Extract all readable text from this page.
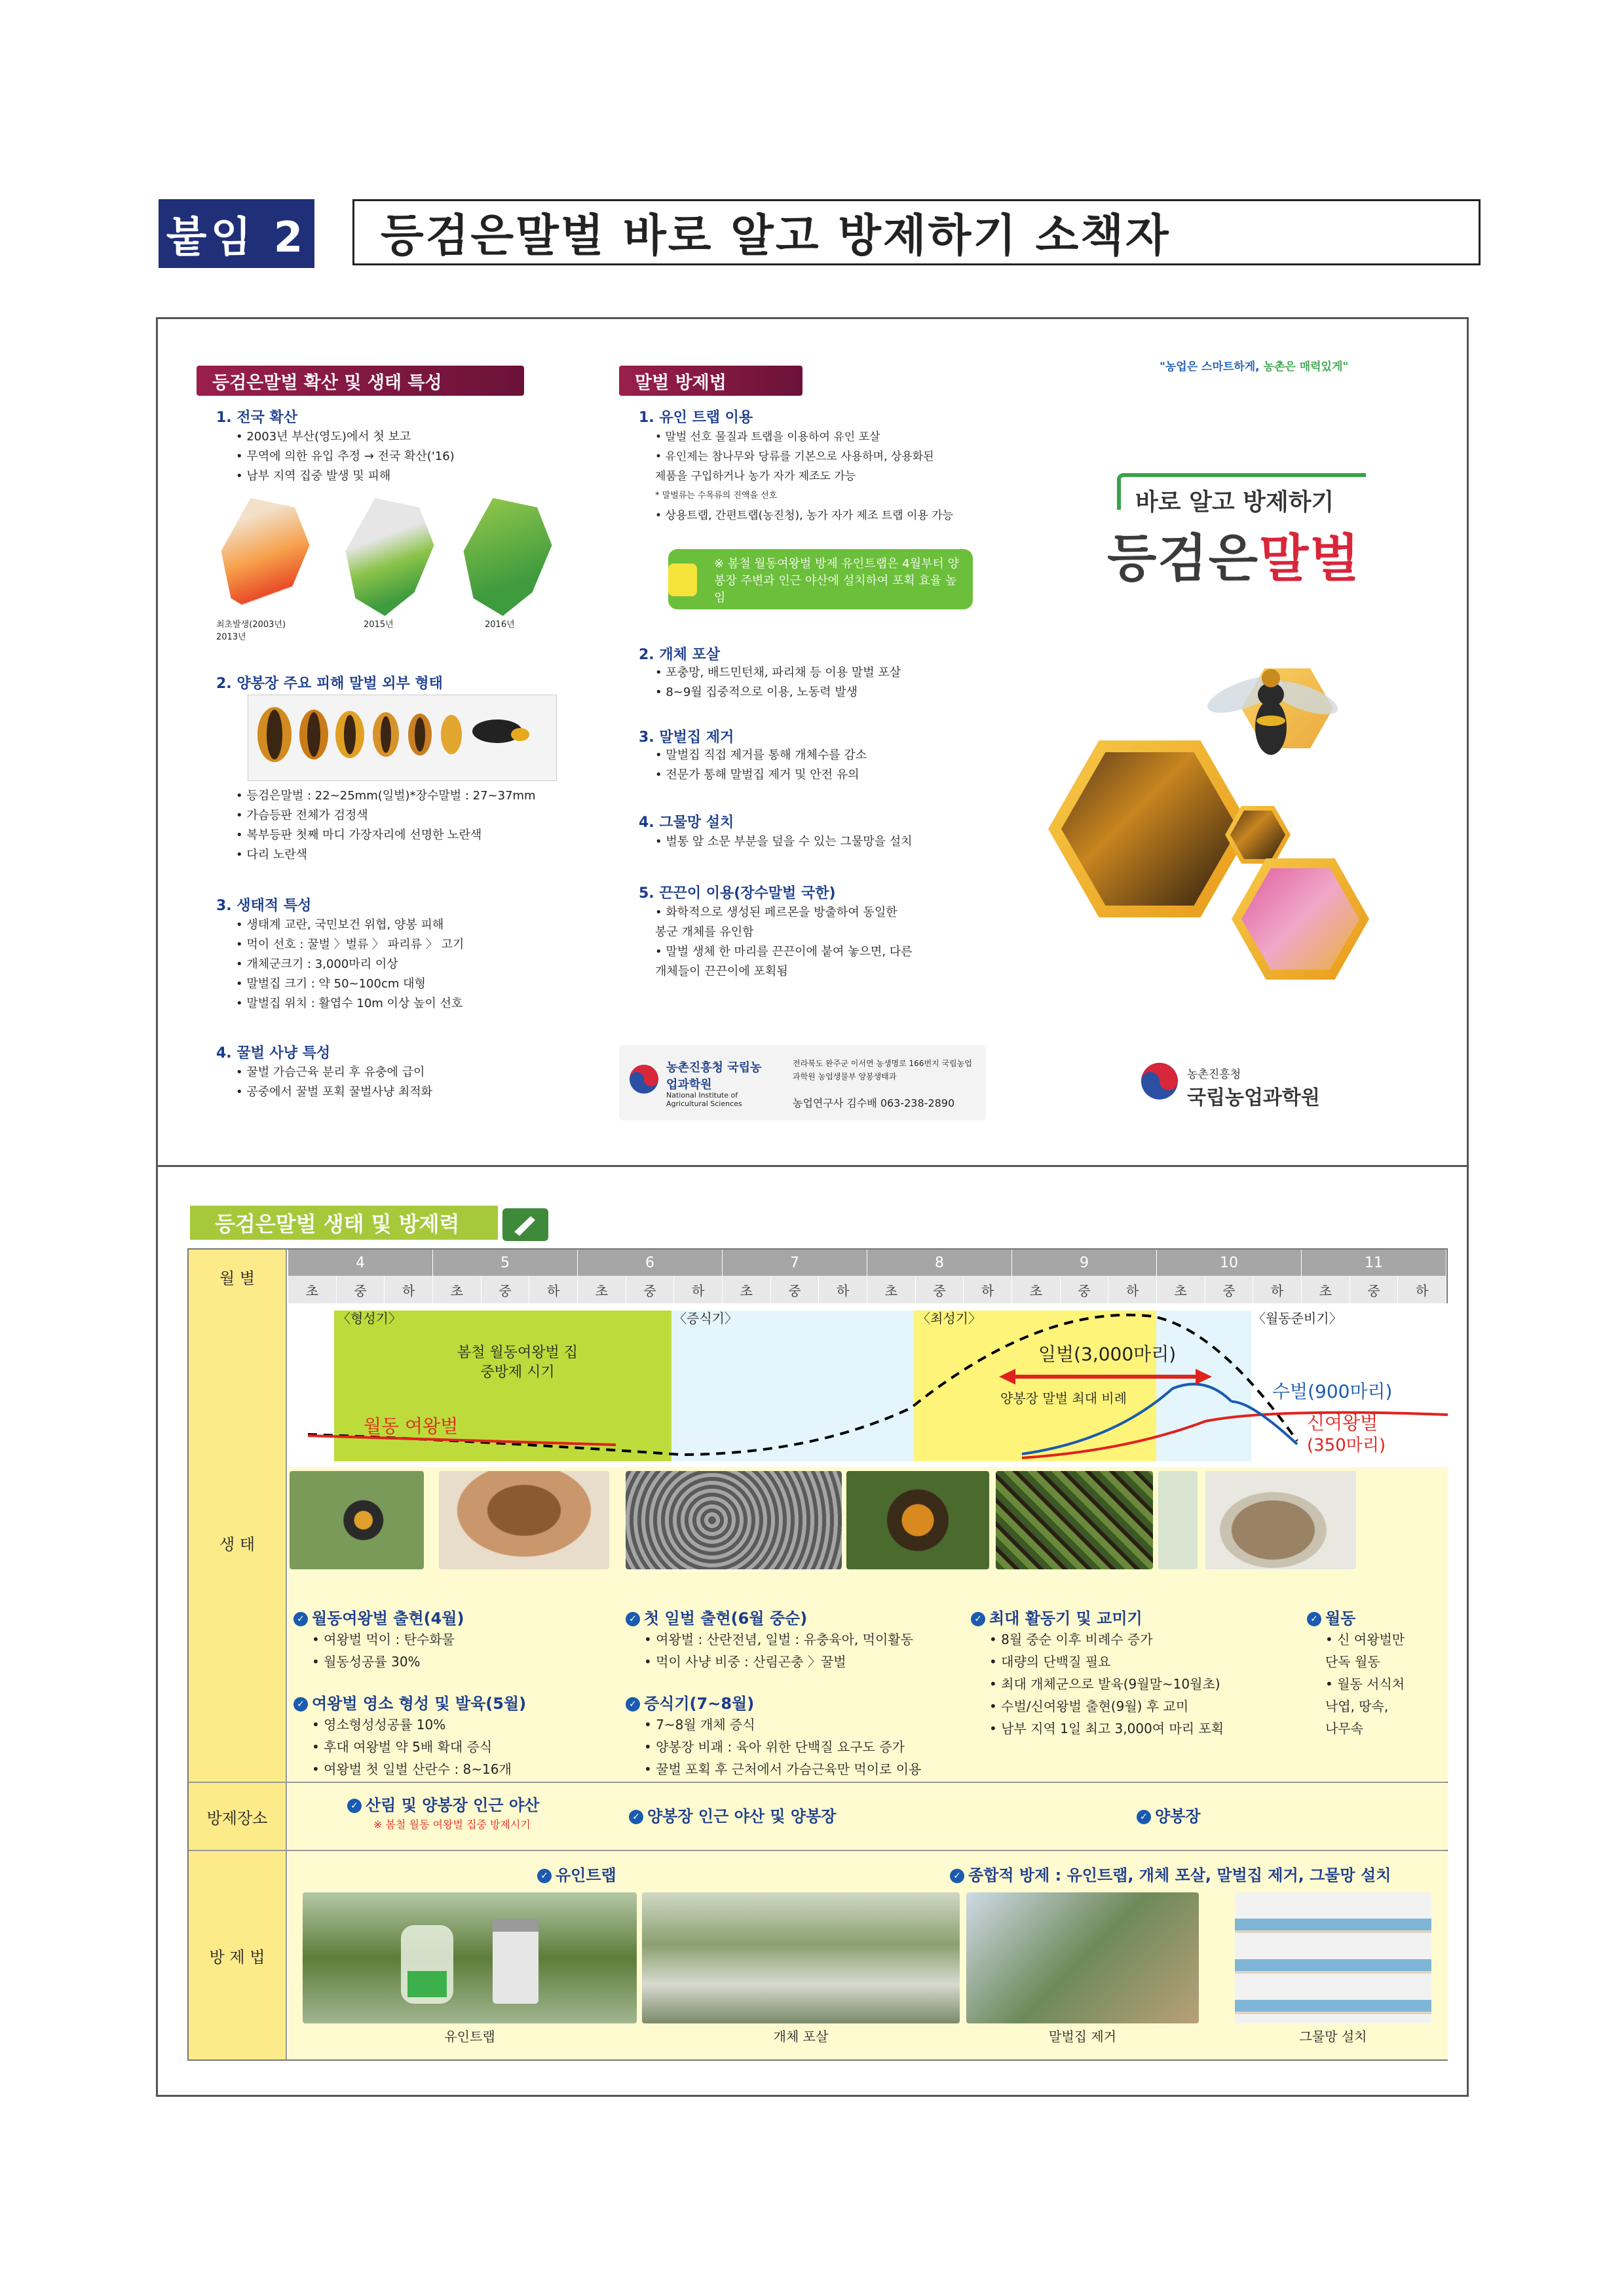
붙임 2	등검은말벌 바로 알고 방제하기 소책자
등검은말벌 확산 및 생태 특성
1. 전국 확산
• 2003년 부산(영도)에서 첫 보고
• 무역에 의한 유입 추정 → 전국 확산('16)
• 남부 지역 집중 발생 및 피해
최초발생(2003년) 2013년
2015년	2016년
2. 양봉장 주요 피해 말벌 외부 형태
• 등검은말벌 : 22~25mm(일벌)*장수말벌 : 27~37mm
• 가슴등판 전체가 검정색
• 복부등판 첫째 마디 가장자리에 선명한 노란색
• 다리 노란색
3. 생태적 특성
• 생태계 교란, 국민보건 위협, 양봉 피해
• 먹이 선호 : 꿀벌 〉벌류 〉 파리류 〉 고기
• 개체군크기 : 3,000마리 이상
• 말벌집 크기 : 약 50~100cm 대형
• 말벌집 위치 : 활엽수 10m 이상 높이 선호
4. 꿀벌 사냥 특성
• 꿀벌 가슴근육 분리 후 유충에 급이
• 공중에서 꿀벌 포획 꿀벌사냥 최적화
말벌 방제법
1. 유인 트랩 이용
• 말벌 선호 물질과 트랩을 이용하여 유인 포살
• 유인제는 참나무와 당류를 기본으로 사용하며, 상용화된
제품을 구입하거나 농가 자가 제조도 가능
* 말벌류는 수목류의 진액을 선호
• 상용트랩, 간편트랩(농진청), 농가 자가 제조 트랩 이용 가능
※ 봄철 월동여왕벌 방제 유인트랩은 4월부터 양봉장 주변과 인근 야산에 설치하여 포획 효율 높임
2. 개체 포살
• 포충망, 배드민턴채, 파리채 등 이용 말벌 포살
• 8~9월 집중적으로 이용, 노동력 발생
3. 말벌집 제거
• 말벌집 직접 제거를 통해 개체수를 감소
• 전문가 통해 말벌집 제거 및 안전 유의
4. 그물망 설치
• 벌통 앞 소문 부분을 덮을 수 있는 그물망을 설치
5. 끈끈이 이용(장수말벌 국한)
• 화학적으로 생성된 페르몬을 방출하여 동일한
봉군 개체를 유인함
• 말벌 생체 한 마리를 끈끈이에 붙여 놓으면, 다른
개체들이 끈끈이에 포획됨
농촌진흥청 국립농업과학원
National Institute of Agricultural Sciences
전라북도 완주군 이서면 농생명로 166번지 국립농업과학원 농업생물부 양봉생태과
농업연구사 김수배 063-238-2890
"농업은 스마트하게, 농촌은 매력있게"
바로 알고 방제하기
등검은말벌
농촌진흥청
국립농업과학원
등검은말벌 생태 및 방제력
월 별
4
초	중	하
5
초	중	하
6
초	중	하
7
초	중	하
8
초	중	하
9
초	중	하
10
초	중	하
11
초	중	하
〈형성기〉	〈증식기〉	〈최성기〉	〈월동준비기〉
봄철 월동여왕벌 집중방제 시기
월동 여왕벌
일벌(3,000마리)
양봉장 말벌 최대 비례	수벌(900마리)
신여왕벌
(350마리)
생 태
✓ 월동여왕벌 출현(4월)
• 여왕벌 먹이 : 탄수화물
• 월동성공률 30%
✓ 여왕벌 영소 형성 및 발육(5월)
• 영소형성성공률 10%
• 후대 여왕벌 약 5배 확대 증식
• 여왕벌 첫 일벌 산란수 : 8~16개
✓ 첫 일벌 출현(6월 중순)
• 여왕벌 : 산란전념, 일벌 : 유충육아, 먹이활동
• 먹이 사냥 비중 : 산림곤충 〉꿀벌
✓ 증식기(7~8월)
• 7~8월 개체 증식
• 양봉장 비괘 : 육아 위한 단백질 요구도 증가
• 꿀벌 포획 후 근처에서 가슴근육만 먹이로 이용
✓ 최대 활동기 및 교미기
• 8월 중순 이후 비례수 증가
• 대량의 단백질 필요
• 최대 개체군으로 발육(9월말~10월초)
• 수벌/신여왕벌 출현(9월) 후 교미
• 남부 지역 1일 최고 3,000여 마리 포획
✓ 월동
• 신 여왕벌만
단독 월동
• 월동 서식처
낙엽, 땅속,
나무속
방제장소
✓ 산림 및 양봉장 인근 야산
※ 봄철 월동 여왕벌 집중 방제시기
✓ 양봉장 인근 야산 및 양봉장	✓ 양봉장
방 제 법
✓ 유인트랩	✓ 종합적 방제 : 유인트랩, 개체 포살, 말벌집 제거, 그물망 설치
유인트랩	개체 포살	말벌집 제거	그물망 설치
